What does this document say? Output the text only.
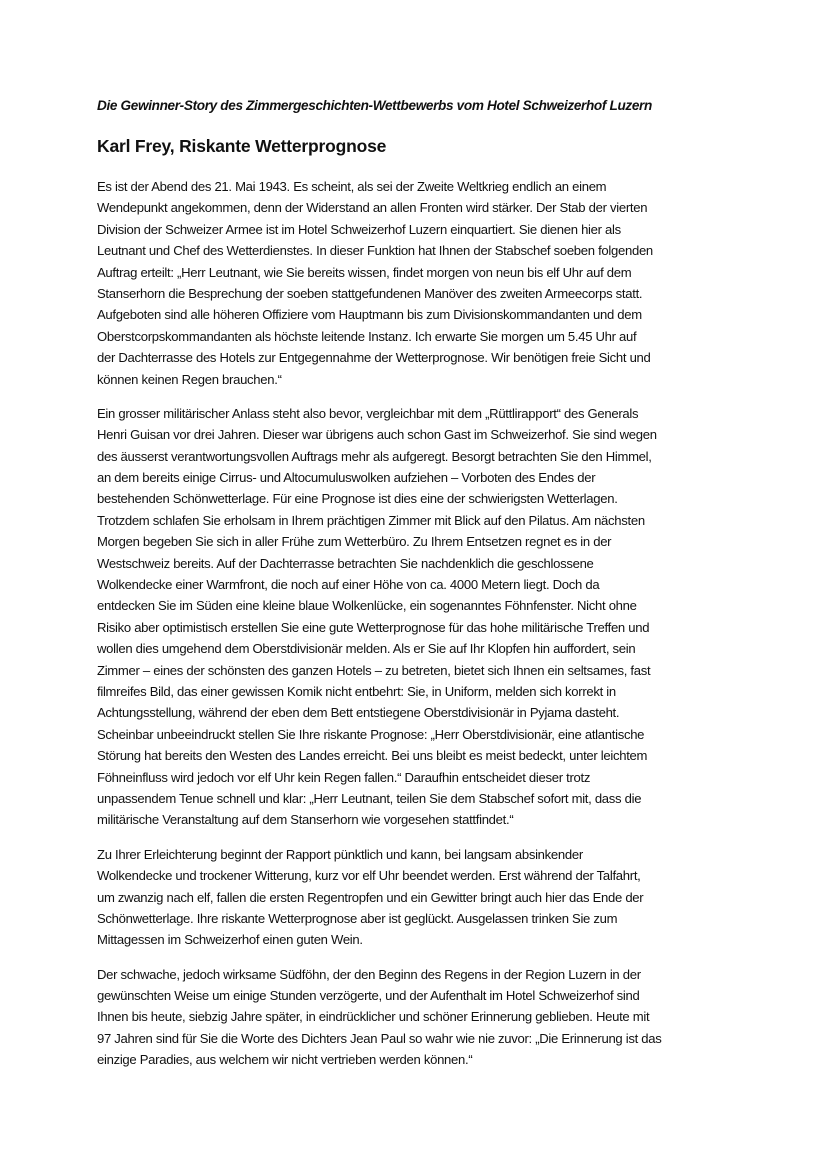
Die Gewinner-Story des Zimmergeschichten-Wettbewerbs vom Hotel Schweizerhof Luzern

Karl Frey, Riskante Wetterprognose
Es ist der Abend des 21. Mai 1943. Es scheint, als sei der Zweite Weltkrieg endlich an einem
Wendepunkt angekommen, denn der Widerstand an allen Fronten wird stärker. Der Stab der vierten
Division der Schweizer Armee ist im Hotel Schweizerhof Luzern einquartiert. Sie dienen hier als
Leutnant und Chef des Wetterdienstes. In dieser Funktion hat Ihnen der Stabschef soeben folgenden
Auftrag erteilt: „Herr Leutnant, wie Sie bereits wissen, findet morgen von neun bis elf Uhr auf dem
Stanserhorn die Besprechung der soeben stattgefundenen Manöver des zweiten Armeecorps statt.
Aufgeboten sind alle höheren Offiziere vom Hauptmann bis zum Divisionskommandanten und dem
Oberstcorpskommandanten als höchste leitende Instanz. Ich erwarte Sie morgen um 5.45 Uhr auf
der Dachterrasse des Hotels zur Entgegennahme der Wetterprognose. Wir benötigen freie Sicht und
können keinen Regen brauchen.“
Ein grosser militärischer Anlass steht also bevor, vergleichbar mit dem „Rüttlirapport“ des Generals
Henri Guisan vor drei Jahren. Dieser war übrigens auch schon Gast im Schweizerhof. Sie sind wegen
des äusserst verantwortungsvollen Auftrags mehr als aufgeregt. Besorgt betrachten Sie den Himmel,
an dem bereits einige Cirrus- und Altocumuluswolken aufziehen – Vorboten des Endes der
bestehenden Schönwetterlage. Für eine Prognose ist dies eine der schwierigsten Wetterlagen.
Trotzdem schlafen Sie erholsam in Ihrem prächtigen Zimmer mit Blick auf den Pilatus. Am nächsten
Morgen begeben Sie sich in aller Frühe zum Wetterbüro. Zu Ihrem Entsetzen regnet es in der
Westschweiz bereits. Auf der Dachterrasse betrachten Sie nachdenklich die geschlossene
Wolkendecke einer Warmfront, die noch auf einer Höhe von ca. 4000 Metern liegt. Doch da
entdecken Sie im Süden eine kleine blaue Wolkenlücke, ein sogenanntes Föhnfenster. Nicht ohne
Risiko aber optimistisch erstellen Sie eine gute Wetterprognose für das hohe militärische Treffen und
wollen dies umgehend dem Oberstdivisionär melden. Als er Sie auf Ihr Klopfen hin auffordert, sein
Zimmer – eines der schönsten des ganzen Hotels – zu betreten, bietet sich Ihnen ein seltsames, fast
filmreifes Bild, das einer gewissen Komik nicht entbehrt: Sie, in Uniform, melden sich korrekt in
Achtungsstellung, während der eben dem Bett entstiegene Oberstdivisionär in Pyjama dasteht.
Scheinbar unbeeindruckt stellen Sie Ihre riskante Prognose: „Herr Oberstdivisionär, eine atlantische
Störung hat bereits den Westen des Landes erreicht. Bei uns bleibt es meist bedeckt, unter leichtem
Föhneinfluss wird jedoch vor elf Uhr kein Regen fallen.“ Daraufhin entscheidet dieser trotz
unpassendem Tenue schnell und klar: „Herr Leutnant, teilen Sie dem Stabschef sofort mit, dass die
militärische Veranstaltung auf dem Stanserhorn wie vorgesehen stattfindet.“
Zu Ihrer Erleichterung beginnt der Rapport pünktlich und kann, bei langsam absinkender
Wolkendecke und trockener Witterung, kurz vor elf Uhr beendet werden. Erst während der Talfahrt,
um zwanzig nach elf, fallen die ersten Regentropfen und ein Gewitter bringt auch hier das Ende der
Schönwetterlage. Ihre riskante Wetterprognose aber ist geglückt. Ausgelassen trinken Sie zum
Mittagessen im Schweizerhof einen guten Wein.
Der schwache, jedoch wirksame Südföhn, der den Beginn des Regens in der Region Luzern in der
gewünschten Weise um einige Stunden verzögerte, und der Aufenthalt im Hotel Schweizerhof sind
Ihnen bis heute, siebzig Jahre später, in eindrücklicher und schöner Erinnerung geblieben. Heute mit
97 Jahren sind für Sie die Worte des Dichters Jean Paul so wahr wie nie zuvor: „Die Erinnerung ist das
einzige Paradies, aus welchem wir nicht vertrieben werden können.“
